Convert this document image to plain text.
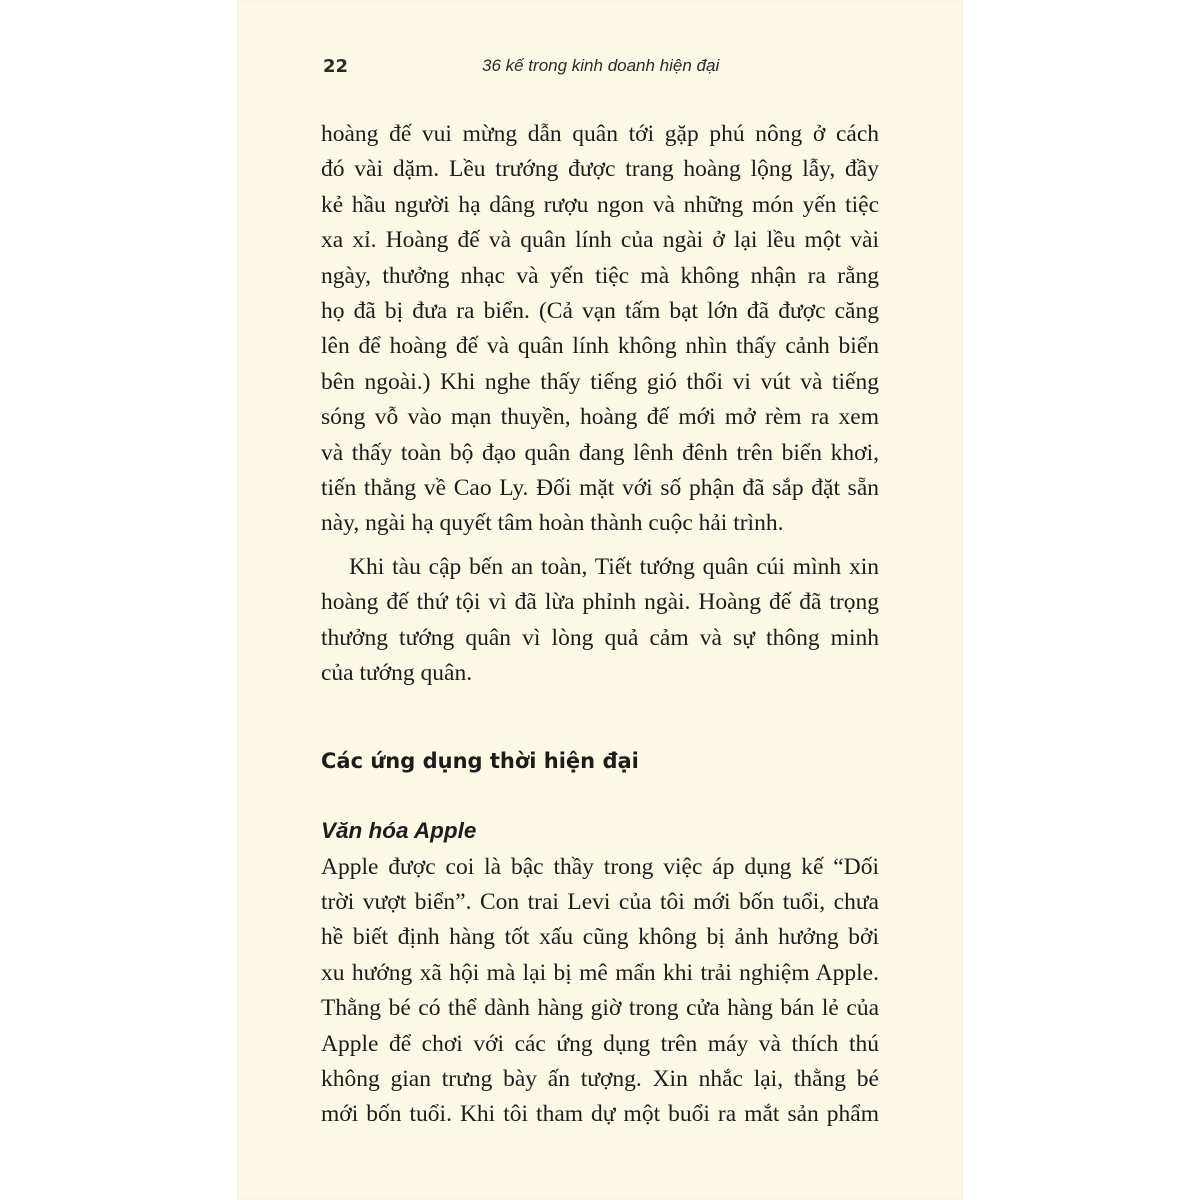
22	36 kế trong kinh doanh hiện đại
hoàng đế vui mừng dẫn quân tới gặp phú nông ở cách
đó vài dặm. Lều trướng được trang hoàng lộng lẫy, đầy
kẻ hầu người hạ dâng rượu ngon và những món yến tiệc
xa xỉ. Hoàng đế và quân lính của ngài ở lại lều một vài
ngày, thưởng nhạc và yến tiệc mà không nhận ra rằng
họ đã bị đưa ra biển. (Cả vạn tấm bạt lớn đã được căng
lên để hoàng đế và quân lính không nhìn thấy cảnh biển
bên ngoài.) Khi nghe thấy tiếng gió thổi vi vút và tiếng
sóng vỗ vào mạn thuyền, hoàng đế mới mở rèm ra xem
và thấy toàn bộ đạo quân đang lênh đênh trên biển khơi,
tiến thẳng về Cao Ly. Đối mặt với số phận đã sắp đặt sẵn
này, ngài hạ quyết tâm hoàn thành cuộc hải trình.
Khi tàu cập bến an toàn, Tiết tướng quân cúi mình xin
hoàng đế thứ tội vì đã lừa phỉnh ngài. Hoàng đế đã trọng
thưởng tướng quân vì lòng quả cảm và sự thông minh
của tướng quân.
Các ứng dụng thời hiện đại
Văn hóa Apple
Apple được coi là bậc thầy trong việc áp dụng kế “Dối
trời vượt biển”. Con trai Levi của tôi mới bốn tuổi, chưa
hề biết định hàng tốt xấu cũng không bị ảnh hưởng bởi
xu hướng xã hội mà lại bị mê mẩn khi trải nghiệm Apple.
Thằng bé có thể dành hàng giờ trong cửa hàng bán lẻ của
Apple để chơi với các ứng dụng trên máy và thích thú
không gian trưng bày ấn tượng. Xin nhắc lại, thằng bé
mới bốn tuổi. Khi tôi tham dự một buổi ra mắt sản phẩm
